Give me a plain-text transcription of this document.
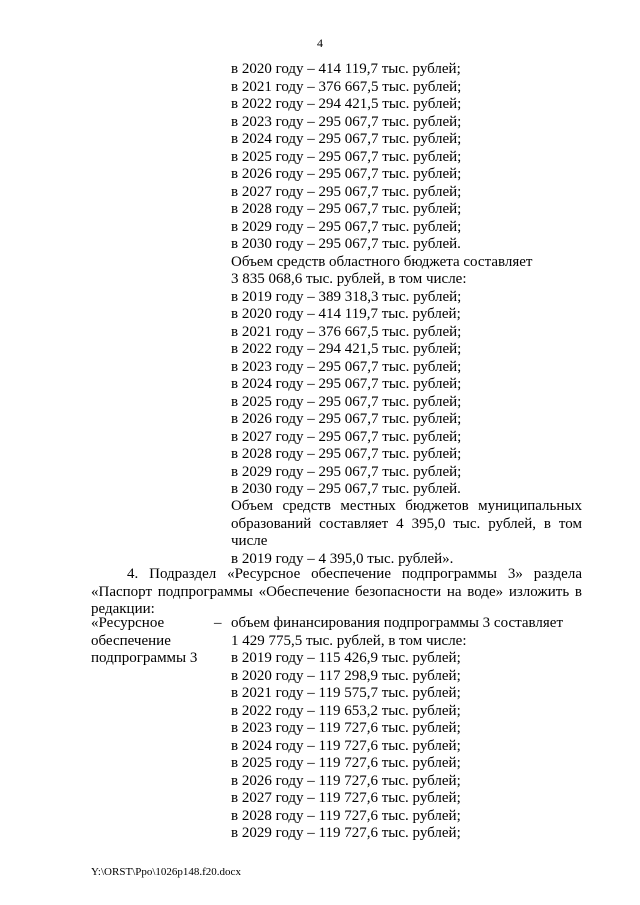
4
в 2020 году – 414 119,7 тыс. рублей;
в 2021 году – 376 667,5 тыс. рублей;
в 2022 году – 294 421,5 тыс. рублей;
в 2023 году – 295 067,7 тыс. рублей;
в 2024 году – 295 067,7 тыс. рублей;
в 2025 году – 295 067,7 тыс. рублей;
в 2026 году – 295 067,7 тыс. рублей;
в 2027 году – 295 067,7 тыс. рублей;
в 2028 году – 295 067,7 тыс. рублей;
в 2029 году – 295 067,7 тыс. рублей;
в 2030 году – 295 067,7 тыс. рублей.
Объем средств областного бюджета составляет
3 835 068,6 тыс. рублей, в том числе:
в 2019 году – 389 318,3 тыс. рублей;
в 2020 году – 414 119,7 тыс. рублей;
в 2021 году – 376 667,5 тыс. рублей;
в 2022 году – 294 421,5 тыс. рублей;
в 2023 году – 295 067,7 тыс. рублей;
в 2024 году – 295 067,7 тыс. рублей;
в 2025 году – 295 067,7 тыс. рублей;
в 2026 году – 295 067,7 тыс. рублей;
в 2027 году – 295 067,7 тыс. рублей;
в 2028 году – 295 067,7 тыс. рублей;
в 2029 году – 295 067,7 тыс. рублей;
в 2030 году – 295 067,7 тыс. рублей.
Объем средств местных бюджетов муниципальных образований составляет 4 395,0 тыс. рублей, в том числе
в 2019 году – 4 395,0 тыс. рублей».
4. Подраздел «Ресурсное обеспечение подпрограммы 3» раздела «Паспорт подпрограммы «Обеспечение безопасности на воде» изложить в редакции:
«Ресурсное
обеспечение
подпрограммы 3
– объем финансирования подпрограммы 3 составляет
1 429 775,5 тыс. рублей, в том числе:
в 2019 году – 115 426,9 тыс. рублей;
в 2020 году – 117 298,9 тыс. рублей;
в 2021 году – 119 575,7 тыс. рублей;
в 2022 году – 119 653,2 тыс. рублей;
в 2023 году – 119 727,6 тыс. рублей;
в 2024 году – 119 727,6 тыс. рублей;
в 2025 году – 119 727,6 тыс. рублей;
в 2026 году – 119 727,6 тыс. рублей;
в 2027 году – 119 727,6 тыс. рублей;
в 2028 году – 119 727,6 тыс. рублей;
в 2029 году – 119 727,6 тыс. рублей;
Y:\ORST\Ppo\1026p148.f20.docx
